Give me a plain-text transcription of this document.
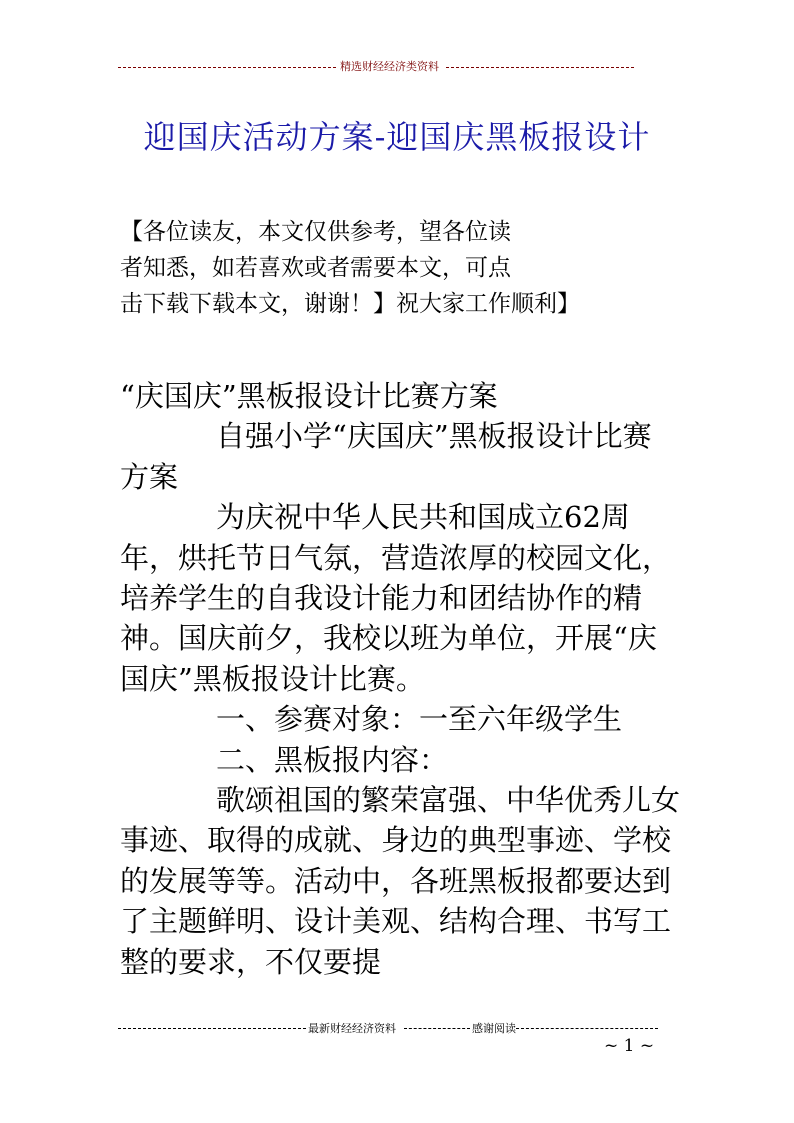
精选财经经济类资料
迎国庆活动方案-迎国庆黑板报设计
【各位读友，本文仅供参考，望各位读
者知悉，如若喜欢或者需要本文，可点
击下载下载本文，谢谢！】祝大家工作顺利】

“庆国庆”黑板报设计比赛方案

自强小学“庆国庆”黑板报设计比赛方案

为庆祝中华人民共和国成立62周年，烘托节日气氛，营造浓厚的校园文化，培养学生的自我设计能力和团结协作的精神。国庆前夕，我校以班为单位，开展“庆国庆”黑板报设计比赛。

一、参赛对象：一至六年级学生

二、黑板报内容：

歌颂祖国的繁荣富强、中华优秀儿女事迹、取得的成就、身边的典型事迹、学校的发展等等。活动中，各班黑板报都要达到了主题鲜明、设计美观、结构合理、书写工整的要求，不仅要提

最新财经经济资料	感谢阅读
~ 1 ~
